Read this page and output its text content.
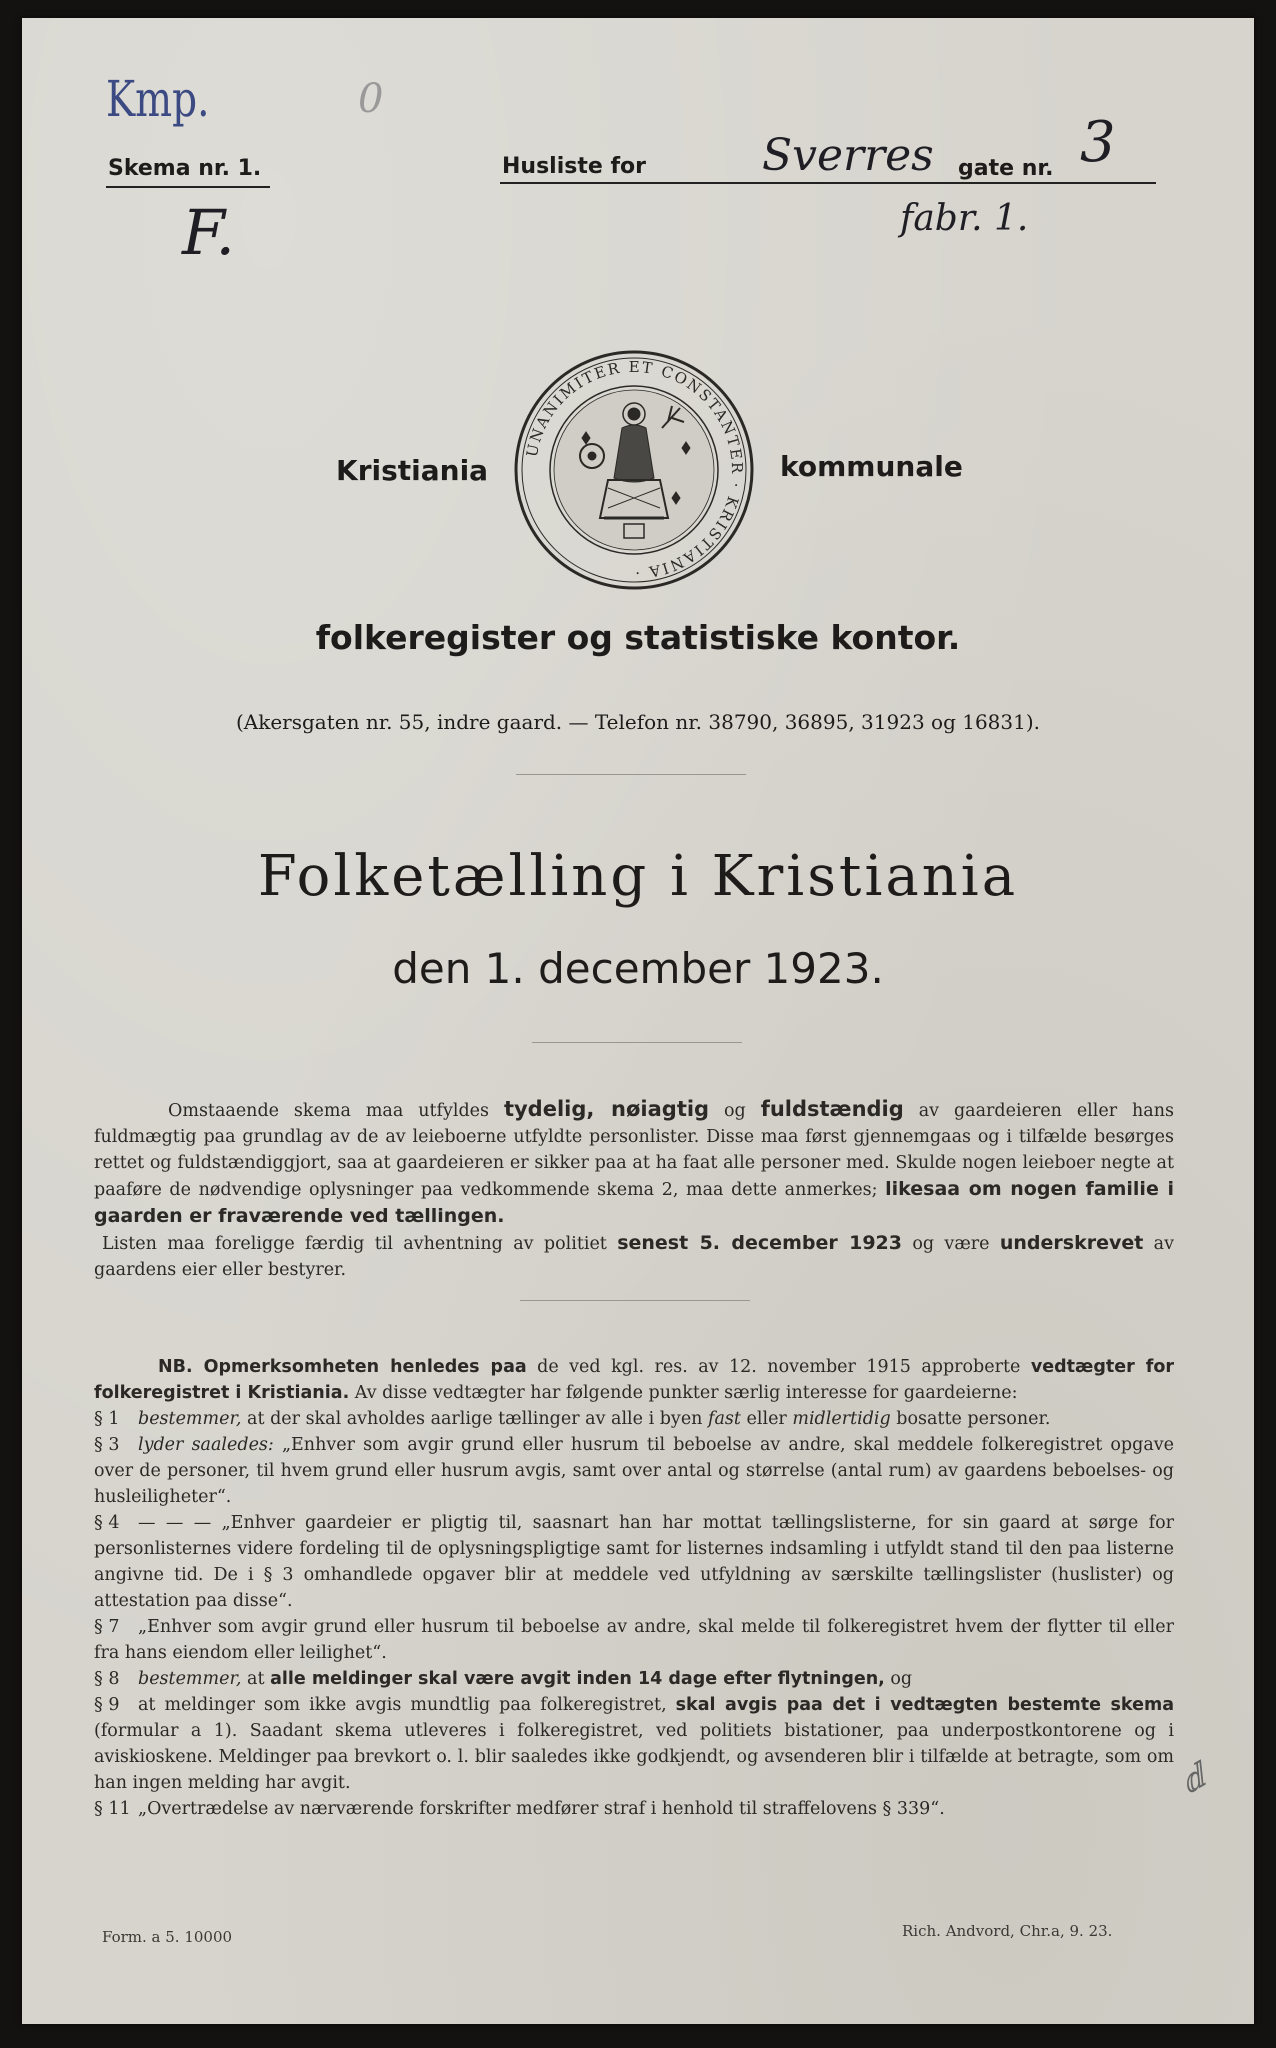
Kmp.	0
Skema nr. 1.	Husliste for	Sverres gate nr. 3
F.	fabr. 1.
Kristiania	kommunale
UNANIMITER ET CONSTANTER · KRISTIANIA ·
folkeregister og statistiske kontor.
(Akersgaten nr. 55, indre gaard. — Telefon nr. 38790, 36895, 31923 og 16831).
Folketælling i Kristiania
den 1. december 1923.
Omstaaende skema maa utfyldes tydelig, nøiagtig og fuldstændig av gaardeieren eller hans fuldmægtig paa grundlag av de av leieboerne utfyldte personlister. Disse maa først gjennemgaas og i tilfælde besørges rettet og fuldstændiggjort, saa at gaardeieren er sikker paa at ha faat alle personer med. Skulde nogen leieboer negte at paaføre de nødvendige oplysninger paa vedkommende skema 2, maa dette anmerkes; likesaa om nogen familie i gaarden er fraværende ved tællingen.
Listen maa foreligge færdig til avhentning av politiet senest 5. december 1923 og være underskrevet av gaardens eier eller bestyrer.
NB. Opmerksomheten henledes paa de ved kgl. res. av 12. november 1915 approberte vedtægter for folkeregistret i Kristiania. Av disse vedtægter har følgende punkter særlig interesse for gaardeierne:
§ 1 bestemmer, at der skal avholdes aarlige tællinger av alle i byen fast eller midlertidig bosatte personer.
§ 3 lyder saaledes: „Enhver som avgir grund eller husrum til beboelse av andre, skal meddele folkeregistret opgave over de personer, til hvem grund eller husrum avgis, samt over antal og størrelse (antal rum) av gaardens beboelses- og husleiligheter“.
§ 4 — — — „Enhver gaardeier er pligtig til, saasnart han har mottat tællingslisterne, for sin gaard at sørge for personlisternes videre fordeling til de oplysningspligtige samt for listernes indsamling i utfyldt stand til den paa listerne angivne tid. De i § 3 omhandlede opgaver blir at meddele ved utfyldning av særskilte tællingslister (huslister) og attestation paa disse“.
§ 7 „Enhver som avgir grund eller husrum til beboelse av andre, skal melde til folkeregistret hvem der flytter til eller fra hans eiendom eller leilighet“.
§ 8 bestemmer, at alle meldinger skal være avgit inden 14 dage efter flytningen, og
§ 9 at meldinger som ikke avgis mundtlig paa folkeregistret, skal avgis paa det i vedtægten bestemte skema (formular a 1). Saadant skema utleveres i folkeregistret, ved politiets bistationer, paa underpostkontorene og i aviskioskene. Meldinger paa brevkort o. l. blir saaledes ikke godkjendt, og avsenderen blir i tilfælde at betragte, som om han ingen melding har avgit.
§ 11 „Overtrædelse av nærværende forskrifter medfører straf i henhold til straffelovens § 339“.
ⅆ
Form. a 5. 10000	Rich. Andvord, Chr.a, 9. 23.
